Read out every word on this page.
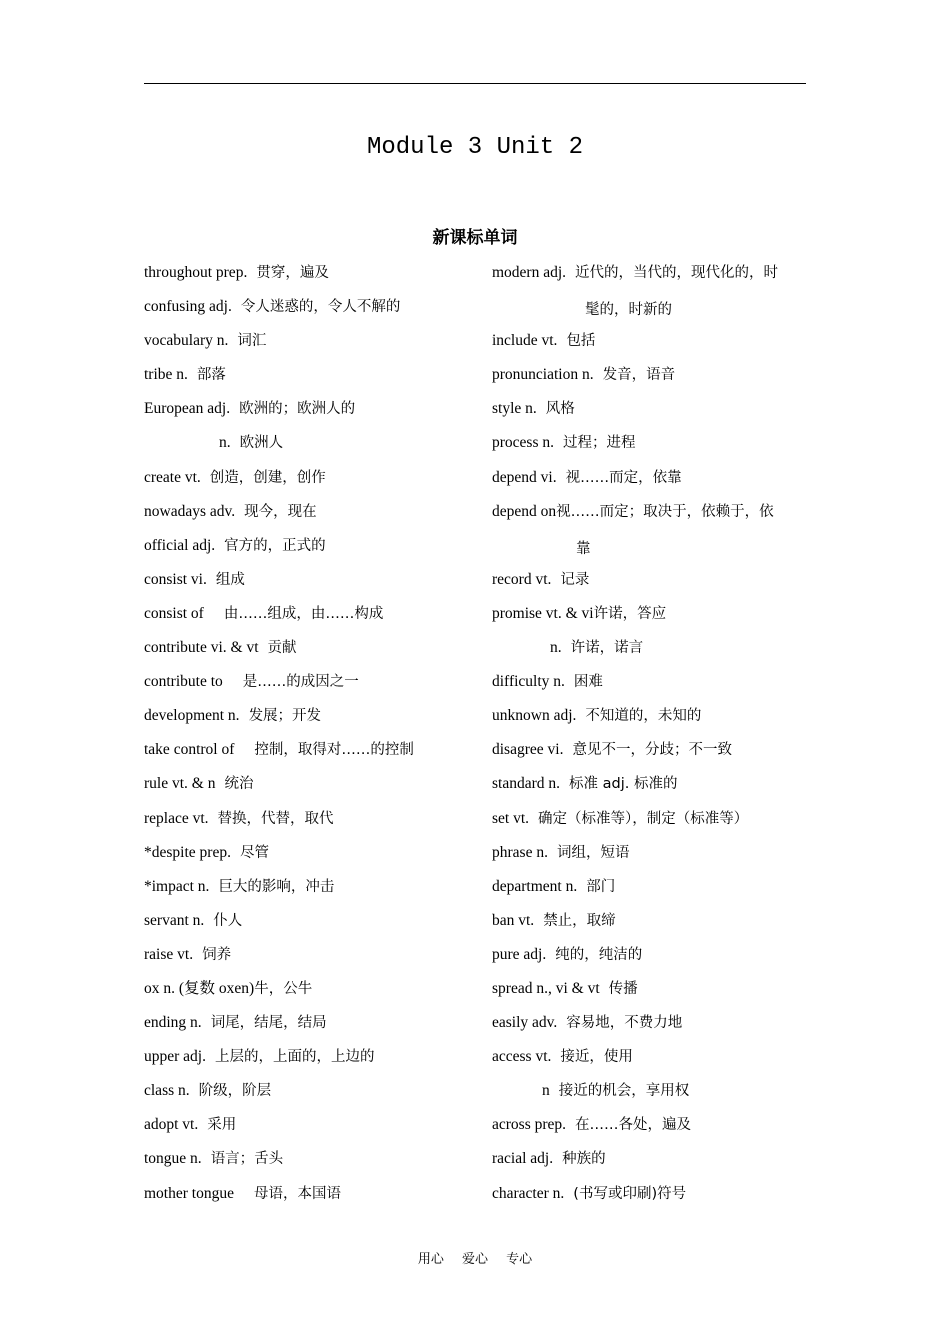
Module 3 Unit 2
新课标单词
throughout prep. 贯穿，遍及
confusing adj. 令人迷惑的，令人不解的
vocabulary n. 词汇
tribe n. 部落
European adj. 欧洲的；欧洲人的
n. 欧洲人
create vt. 创造，创建，创作
nowadays adv. 现今，现在
official adj. 官方的，正式的
consist vi. 组成
consist of 由……组成，由……构成
contribute vi. & vt 贡献
contribute to 是……的成因之一
development n. 发展；开发
take control of 控制，取得对……的控制
rule vt. & n 统治
replace vt. 替换，代替，取代
*despite prep. 尽管
*impact n. 巨大的影响，冲击
servant n. 仆人
raise vt. 饲养
ox n. (复数 oxen)牛，公牛
ending n. 词尾，结尾，结局
upper adj. 上层的，上面的，上边的
class n. 阶级，阶层
adopt vt. 采用
tongue n. 语言；舌头
mother tongue 母语，本国语
modern adj. 近代的，当代的，现代化的，时
髦的，时新的
include vt. 包括
pronunciation n. 发音，语音
style n. 风格
process n. 过程；进程
depend vi. 视……而定，依靠
depend on视……而定；取决于，依赖于，依
靠
record vt. 记录
promise vt. & vi许诺，答应
n. 许诺，诺言
difficulty n. 困难
unknown adj. 不知道的，未知的
disagree vi. 意见不一，分歧；不一致
standard n. 标准 adj. 标准的
set vt. 确定（标准等），制定（标准等）
phrase n. 词组，短语
department n. 部门
ban vt. 禁止，取缔
pure adj. 纯的，纯洁的
spread n., vi & vt 传播
easily adv. 容易地，不费力地
access vt. 接近，使用
n 接近的机会，享用权
across prep. 在……各处，遍及
racial adj. 种族的
character n. (书写或印刷)符号
用心 爱心 专心
